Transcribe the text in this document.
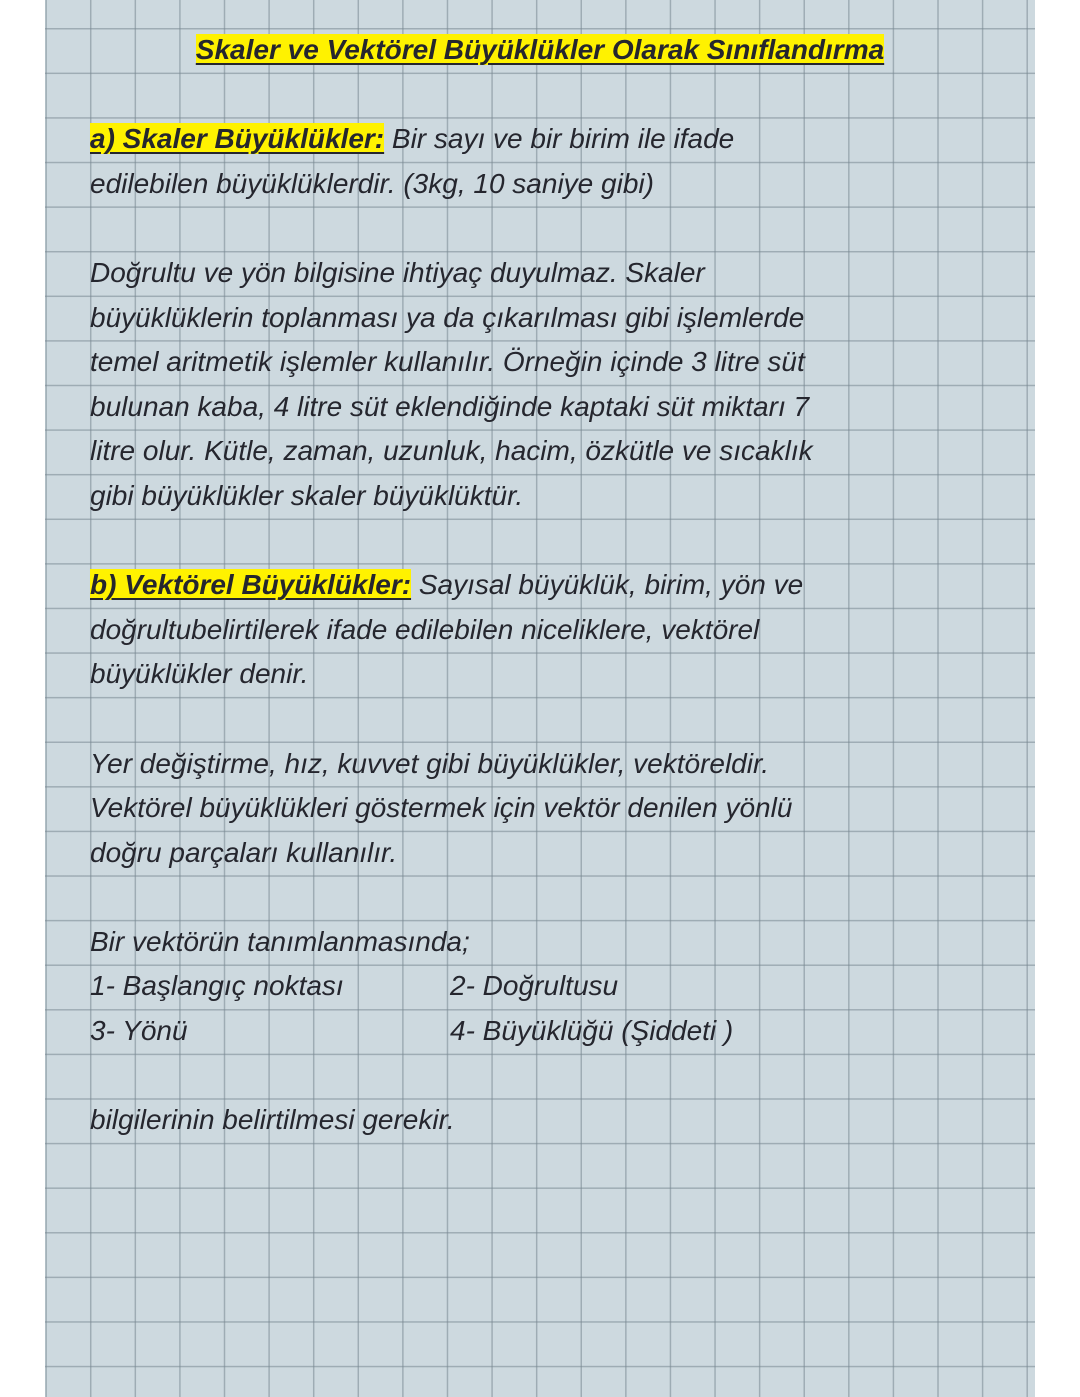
Skaler ve Vektörel Büyüklükler Olarak Sınıflandırma
a) Skaler Büyüklükler: Bir sayı ve bir birim ile ifade
edilebilen büyüklüklerdir. (3kg, 10 saniye gibi)
Doğrultu ve yön bilgisine ihtiyaç duyulmaz. Skaler
büyüklüklerin toplanması ya da çıkarılması gibi işlemlerde
temel aritmetik işlemler kullanılır. Örneğin içinde 3 litre süt
bulunan kaba, 4 litre süt eklendiğinde kaptaki süt miktarı 7
litre olur. Kütle, zaman, uzunluk, hacim, özkütle ve sıcaklık
gibi büyüklükler skaler büyüklüktür.
b) Vektörel Büyüklükler: Sayısal büyüklük, birim, yön ve
doğrultubelirtilerek ifade edilebilen niceliklere, vektörel
büyüklükler denir.
Yer değiştirme, hız, kuvvet gibi büyüklükler, vektöreldir.
Vektörel büyüklükleri göstermek için vektör denilen yönlü
doğru parçaları kullanılır.
Bir vektörün tanımlanmasında;
1- Başlangıç noktası	2- Doğrultusu
3- Yönü	4- Büyüklüğü (Şiddeti )
bilgilerinin belirtilmesi gerekir.
